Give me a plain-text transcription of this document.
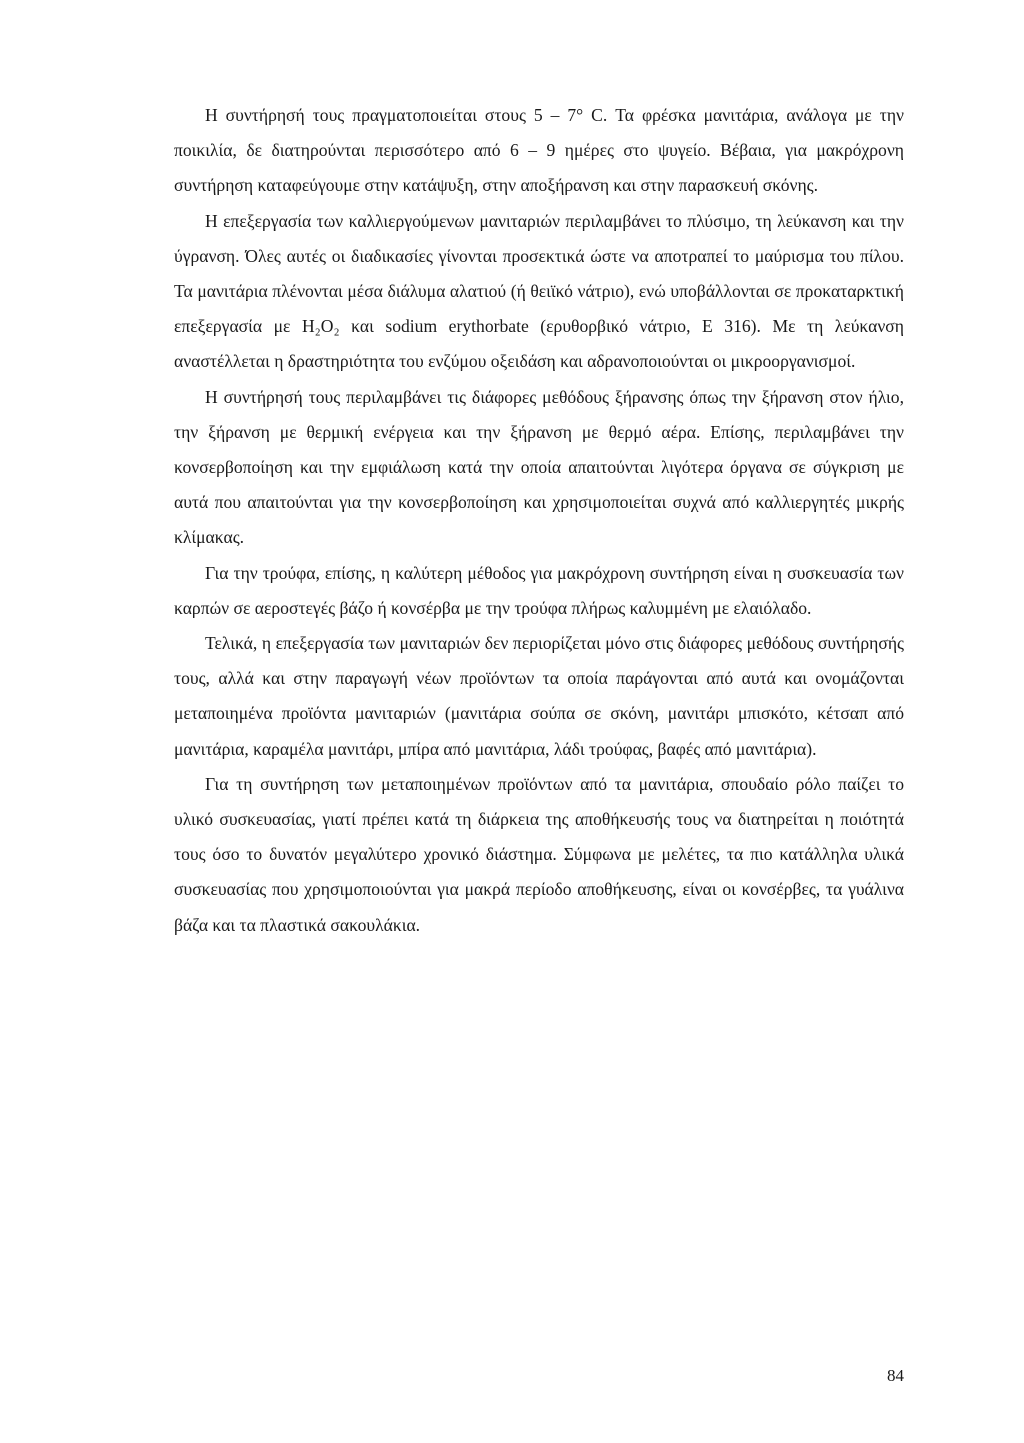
Η συντήρησή τους πραγματοποιείται στους 5 – 7° C. Τα φρέσκα μανιτάρια, ανάλογα με την ποικιλία, δε διατηρούνται περισσότερο από 6 – 9 ημέρες στο ψυγείο. Βέβαια, για μακρόχρονη συντήρηση καταφεύγουμε στην κατάψυξη, στην αποξήρανση και στην παρασκευή σκόνης.

Η επεξεργασία των καλλιεργούμενων μανιταριών περιλαμβάνει το πλύσιμο, τη λεύκανση και την ύγρανση. Όλες αυτές οι διαδικασίες γίνονται προσεκτικά ώστε να αποτραπεί το μαύρισμα του πίλου. Τα μανιτάρια πλένονται μέσα διάλυμα αλατιού (ή θειϊκό νάτριο), ενώ υποβάλλονται σε προκαταρκτική επεξεργασία με H₂O₂ και sodium erythorbate (ερυθορβικό νάτριο, E 316). Με τη λεύκανση αναστέλλεται η δραστηριότητα του ενζύμου οξειδάση και αδρανοποιούνται οι μικροοργανισμοί.

Η συντήρησή τους περιλαμβάνει τις διάφορες μεθόδους ξήρανσης όπως την ξήρανση στον ήλιο, την ξήρανση με θερμική ενέργεια και την ξήρανση με θερμό αέρα. Επίσης, περιλαμβάνει την κονσερβοποίηση και την εμφιάλωση κατά την οποία απαιτούνται λιγότερα όργανα σε σύγκριση με αυτά που απαιτούνται για την κονσερβοποίηση και χρησιμοποιείται συχνά από καλλιεργητές μικρής κλίμακας.

Για την τρούφα, επίσης, η καλύτερη μέθοδος για μακρόχρονη συντήρηση είναι η συσκευασία των καρπών σε αεροστεγές βάζο ή κονσέρβα με την τρούφα πλήρως καλυμμένη με ελαιόλαδο.

Τελικά, η επεξεργασία των μανιταριών δεν περιορίζεται μόνο στις διάφορες μεθόδους συντήρησής τους, αλλά και στην παραγωγή νέων προϊόντων τα οποία παράγονται από αυτά και ονομάζονται μεταποιημένα προϊόντα μανιταριών (μανιτάρια σούπα σε σκόνη, μανιτάρι μπισκότο, κέτσαπ από μανιτάρια, καραμέλα μανιτάρι, μπίρα από μανιτάρια, λάδι τρούφας, βαφές από μανιτάρια).

Για τη συντήρηση των μεταποιημένων προϊόντων από τα μανιτάρια, σπουδαίο ρόλο παίζει το υλικό συσκευασίας, γιατί πρέπει κατά τη διάρκεια της αποθήκευσής τους να διατηρείται η ποιότητά τους όσο το δυνατόν μεγαλύτερο χρονικό διάστημα. Σύμφωνα με μελέτες, τα πιο κατάλληλα υλικά συσκευασίας που χρησιμοποιούνται για μακρά περίοδο αποθήκευσης, είναι οι κονσέρβες, τα γυάλινα βάζα και τα πλαστικά σακουλάκια.

84
